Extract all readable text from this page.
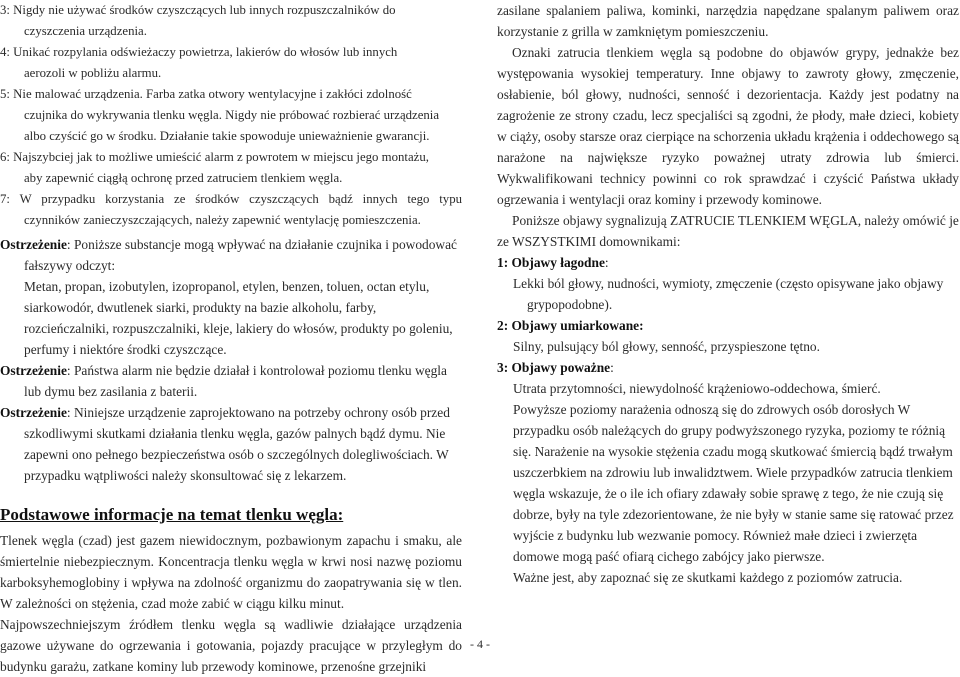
3: Nigdy nie używać środków czyszczących lub innych rozpuszczalników do
czyszczenia urządzenia.
4: Unikać rozpylania odświeżaczy powietrza, lakierów do włosów lub innych
aerozoli w pobliżu alarmu.
5: Nie malować urządzenia. Farba zatka otwory wentylacyjne i zakłóci zdolność
czujnika do wykrywania tlenku węgla. Nigdy nie próbować rozbierać urządzenia
albo czyścić go w środku. Działanie takie spowoduje unieważnienie gwarancji.
6: Najszybciej jak to możliwe umieścić alarm z powrotem w miejscu jego montażu,
aby zapewnić ciągłą ochronę przed zatruciem tlenkiem węgla.
7: W przypadku korzystania ze środków czyszczących bądź innych tego typu
czynników zanieczyszczających, należy zapewnić wentylację pomieszczenia.
Ostrzeżenie: Poniższe substancje mogą wpływać na działanie czujnika i powodować fałszywy odczyt:
Metan, propan, izobutylen, izopropanol, etylen, benzen, toluen, octan etylu, siarkowodór, dwutlenek siarki, produkty na bazie alkoholu, farby, rozcieńczalniki, rozpuszczalniki, kleje, lakiery do włosów, produkty po goleniu, perfumy i niektóre środki czyszczące.
Ostrzeżenie: Państwa alarm nie będzie działał i kontrolował poziomu tlenku węgla lub dymu bez zasilania z baterii.
Ostrzeżenie: Niniejsze urządzenie zaprojektowano na potrzeby ochrony osób przed szkodliwymi skutkami działania tlenku węgla, gazów palnych bądź dymu. Nie zapewni ono pełnego bezpieczeństwa osób o szczególnych dolegliwościach. W przypadku wątpliwości należy skonsultować się z lekarzem.
Podstawowe informacje na temat tlenku węgla:
Tlenek węgla (czad) jest gazem niewidocznym, pozbawionym zapachu i smaku, ale śmiertelnie niebezpiecznym. Koncentracja tlenku węgla w krwi nosi nazwę poziomu karboksyhemoglobiny i wpływa na zdolność organizmu do zaopatrywania się w tlen. W zależności on stężenia, czad może zabić w ciągu kilku minut.
Najpowszechniejszym źródłem tlenku węgla są wadliwie działające urządzenia gazowe używane do ogrzewania i gotowania, pojazdy pracujące w przyległym do budynku garażu, zatkane kominy lub przewody kominowe, przenośne grzejniki
zasilane spalaniem paliwa, kominki, narzędzia napędzane spalanym paliwem oraz korzystanie z grilla w zamkniętym pomieszczeniu.
Oznaki zatrucia tlenkiem węgla są podobne do objawów grypy, jednakże bez występowania wysokiej temperatury. Inne objawy to zawroty głowy, zmęczenie, osłabienie, ból głowy, nudności, senność i dezorientacja. Każdy jest podatny na zagrożenie ze strony czadu, lecz specjaliści są zgodni, że płody, małe dzieci, kobiety w ciąży, osoby starsze oraz cierpiące na schorzenia układu krążenia i oddechowego są narażone na największe ryzyko poważnej utraty zdrowia lub śmierci. Wykwalifikowani technicy powinni co rok sprawdzać i czyścić Państwa układy ogrzewania i wentylacji oraz kominy i przewody kominowe.
Poniższe objawy sygnalizują ZATRUCIE TLENKIEM WĘGLA, należy omówić je ze WSZYSTKIMI domownikami:
1: Objawy łagodne:
Lekki ból głowy, nudności, wymioty, zmęczenie (często opisywane jako objawy grypopodobne).
2: Objawy umiarkowane:
Silny, pulsujący ból głowy, senność, przyspieszone tętno.
3: Objawy poważne:
Utrata przytomności, niewydolność krążeniowo-oddechowa, śmierć.
Powyższe poziomy narażenia odnoszą się do zdrowych osób dorosłych W przypadku osób należących do grupy podwyższonego ryzyka, poziomy te różnią się. Narażenie na wysokie stężenia czadu mogą skutkować śmiercią bądź trwałym uszczerbkiem na zdrowiu lub inwalidztwem. Wiele przypadków zatrucia tlenkiem węgla wskazuje, że o ile ich ofiary zdawały sobie sprawę z tego, że nie czują się dobrze, były na tyle zdezorientowane, że nie były w stanie same się ratować przez wyjście z budynku lub wezwanie pomocy. Również małe dzieci i zwierzęta domowe mogą paść ofiarą cichego zabójcy jako pierwsze.
Ważne jest, aby zapoznać się ze skutkami każdego z poziomów zatrucia.
- 4 -
